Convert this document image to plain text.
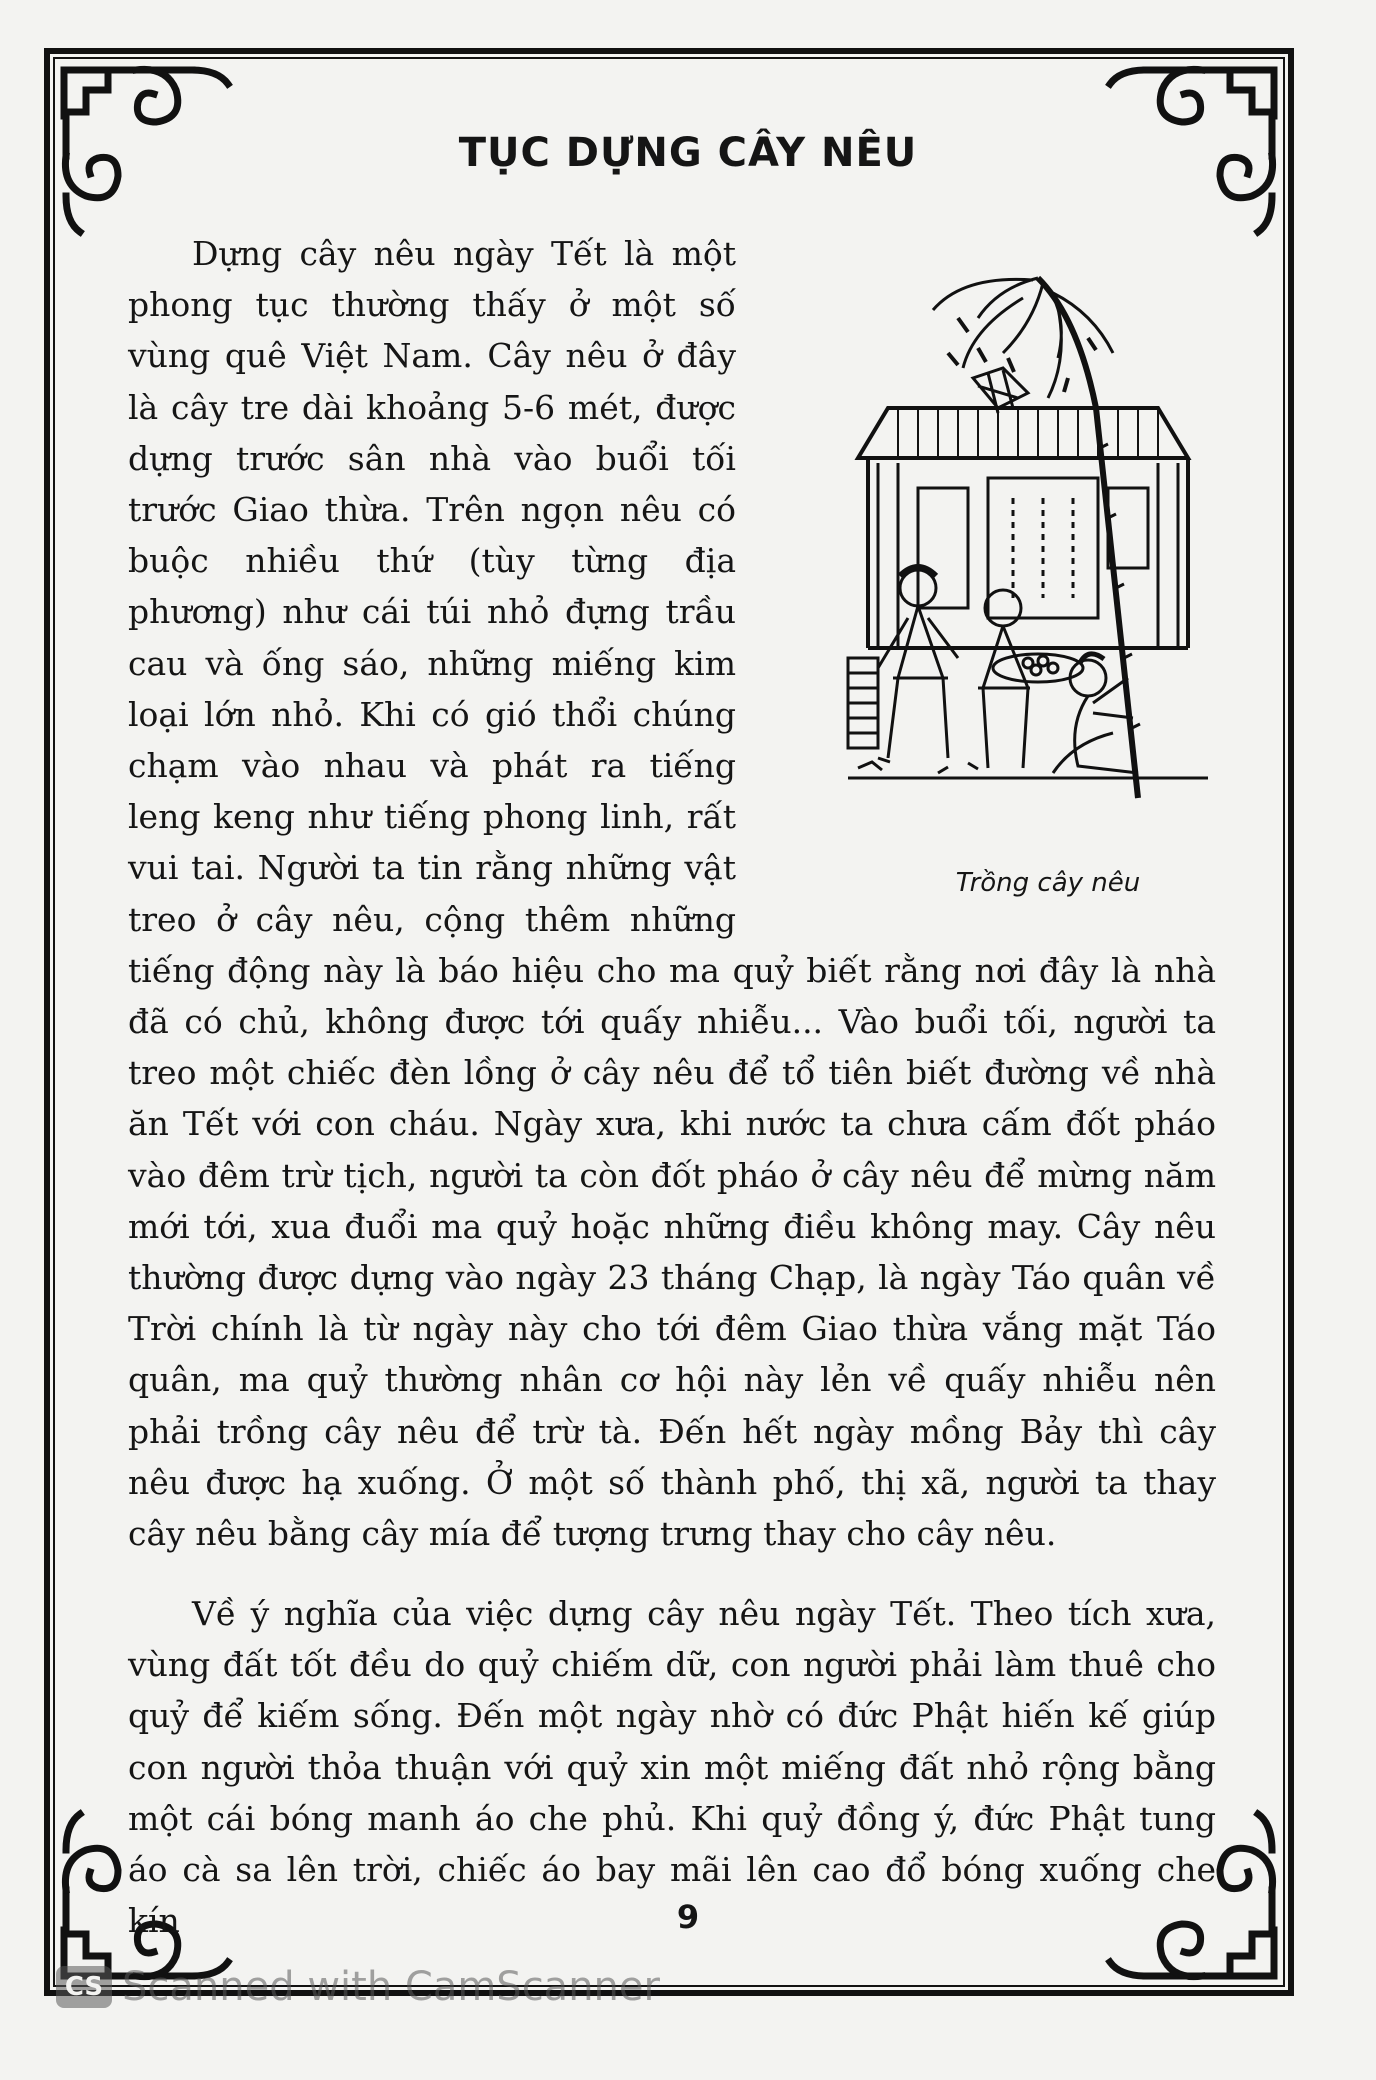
TỤC DỰNG CÂY NÊU

Trồng cây nêu
Dựng cây nêu ngày Tết là một phong tục thường thấy ở một số vùng quê Việt Nam. Cây nêu ở đây là cây tre dài khoảng 5-6 mét, được dựng trước sân nhà vào buổi tối trước Giao thừa. Trên ngọn nêu có buộc nhiều thứ (tùy từng địa phương) như cái túi nhỏ đựng trầu cau và ống sáo, những miếng kim loại lớn nhỏ. Khi có gió thổi chúng chạm vào nhau và phát ra tiếng leng keng như tiếng phong linh, rất vui tai. Người ta tin rằng những vật treo ở cây nêu, cộng thêm những tiếng động này là báo hiệu cho ma quỷ biết rằng nơi đây là nhà đã có chủ, không được tới quấy nhiễu... Vào buổi tối, người ta treo một chiếc đèn lồng ở cây nêu để tổ tiên biết đường về nhà ăn Tết với con cháu. Ngày xưa, khi nước ta chưa cấm đốt pháo vào đêm trừ tịch, người ta còn đốt pháo ở cây nêu để mừng năm mới tới, xua đuổi ma quỷ hoặc những điều không may. Cây nêu thường được dựng vào ngày 23 tháng Chạp, là ngày Táo quân về Trời chính là từ ngày này cho tới đêm Giao thừa vắng mặt Táo quân, ma quỷ thường nhân cơ hội này lẻn về quấy nhiễu nên phải trồng cây nêu để trừ tà. Đến hết ngày mồng Bảy thì cây nêu được hạ xuống. Ở một số thành phố, thị xã, người ta thay cây nêu bằng cây mía để tượng trưng thay cho cây nêu.

Về ý nghĩa của việc dựng cây nêu ngày Tết. Theo tích xưa, vùng đất tốt đều do quỷ chiếm dữ, con người phải làm thuê cho quỷ để kiếm sống. Đến một ngày nhờ có đức Phật hiến kế giúp con người thỏa thuận với quỷ xin một miếng đất nhỏ rộng bằng một cái bóng manh áo che phủ. Khi quỷ đồng ý, đức Phật tung áo cà sa lên trời, chiếc áo bay mãi lên cao đổ bóng xuống che kín	9
CS Scanned with CamScanner
